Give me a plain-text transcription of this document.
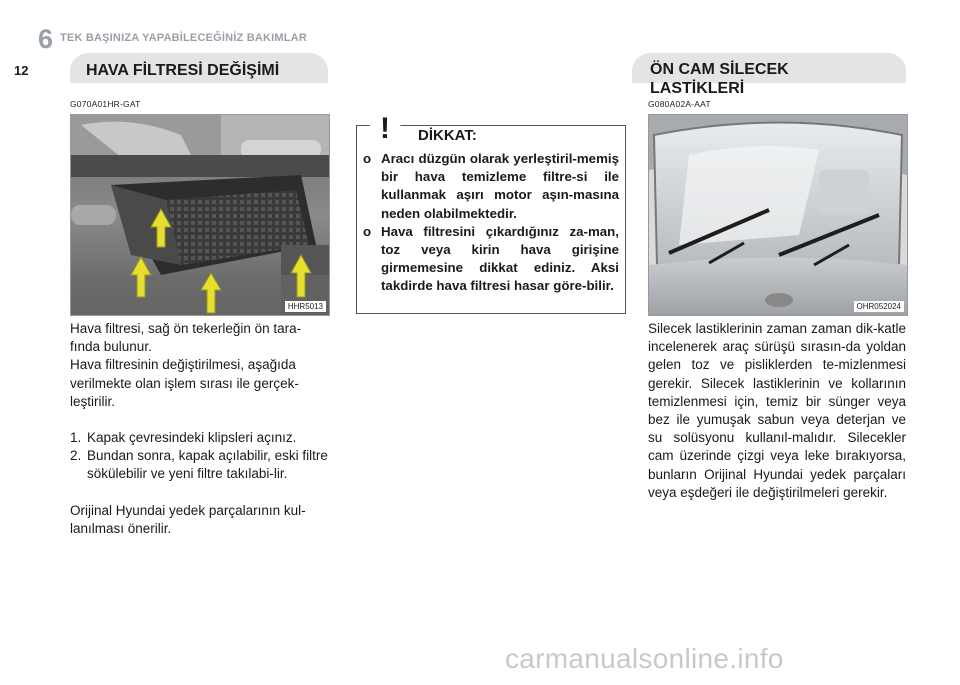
6 TEK BAŞINIZA YAPABİLECEĞİNİZ BAKIMLAR
12	HAVA FİLTRESİ DEĞİŞİMİ	ÖN CAM SİLECEK LASTİKLERİ
G070A01HR-GAT
HHR5013

Hava filtresi, sağ ön tekerleğin ön tara-fında bulunur.

Hava filtresinin değiştirilmesi, aşağıda verilmekte olan işlem sırası ile gerçek-leştirilir.

1. Kapak çevresindeki klipsleri açınız.
2. Bundan sonra, kapak açılabilir, eski filtre sökülebilir ve yeni filtre takılabi-lir.

Orijinal Hyundai yedek parçalarının kul-lanılması önerilir.

! DİKKAT:
o Aracı düzgün olarak yerleştiril-memiş bir hava temizleme filtre-si ile kullanmak aşırı motor aşın-masına neden olabilmektedir.
o Hava filtresini çıkardığınız za-man, toz veya kirin hava girişine girmemesine dikkat ediniz. Aksi takdirde hava filtresi hasar göre-bilir.
G080A02A-AAT
OHR052024

Silecek lastiklerinin zaman zaman dik-katle incelenerek araç sürüşü sırasın-da yoldan gelen toz ve pisliklerden te-mizlenmesi gerekir. Silecek lastiklerinin ve kollarının temizlenmesi için, temiz bir sünger veya bez ile yumuşak sabun veya deterjan ve su solüsyonu kullanıl-malıdır. Silecekler cam üzerinde çizgi veya leke bırakıyorsa, bunların Orijinal Hyundai yedek parçaları veya eşdeğeri ile değiştirilmeleri gerekir.

carmanualsonline.info
